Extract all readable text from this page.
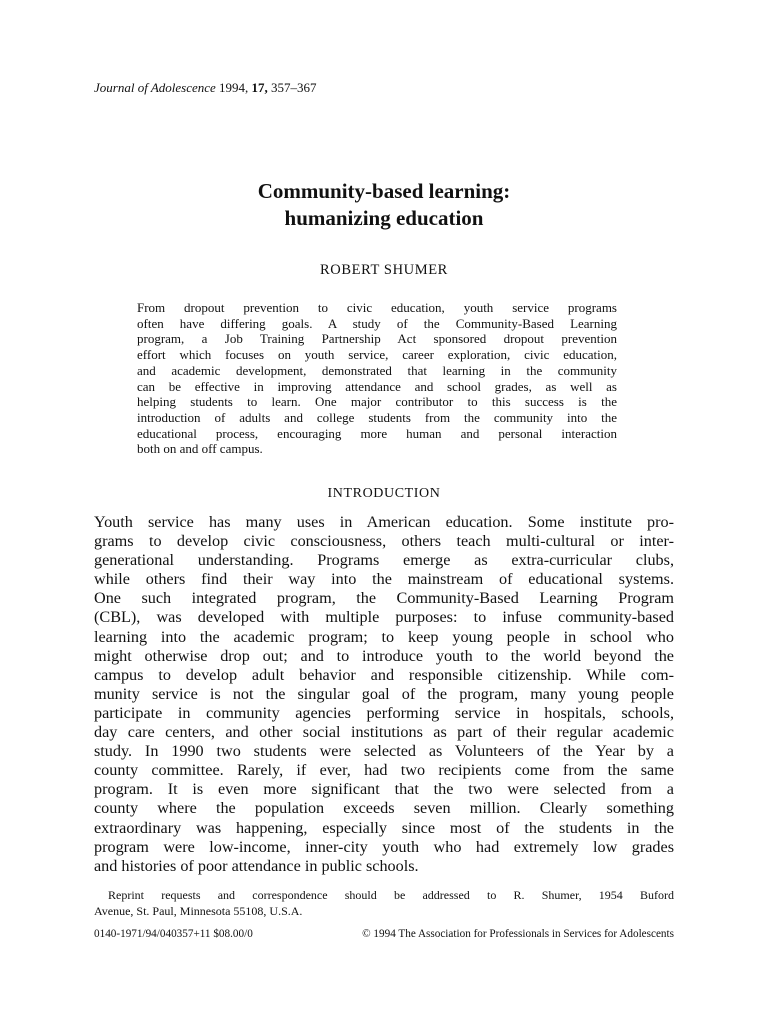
Journal of Adolescence 1994, 17, 357–367
Community-based learning:
humanizing education
ROBERT SHUMER
From dropout prevention to civic education, youth service programs
often have differing goals. A study of the Community-Based Learning
program, a Job Training Partnership Act sponsored dropout prevention
effort which focuses on youth service, career exploration, civic education,
and academic development, demonstrated that learning in the community
can be effective in improving attendance and school grades, as well as
helping students to learn. One major contributor to this success is the
introduction of adults and college students from the community into the
educational process, encouraging more human and personal interaction
both on and off campus.
INTRODUCTION
Youth service has many uses in American education. Some institute pro-
grams to develop civic consciousness, others teach multi-cultural or inter-
generational understanding. Programs emerge as extra-curricular clubs,
while others find their way into the mainstream of educational systems.
One such integrated program, the Community-Based Learning Program
(CBL), was developed with multiple purposes: to infuse community-based
learning into the academic program; to keep young people in school who
might otherwise drop out; and to introduce youth to the world beyond the
campus to develop adult behavior and responsible citizenship. While com-
munity service is not the singular goal of the program, many young people
participate in community agencies performing service in hospitals, schools,
day care centers, and other social institutions as part of their regular academic
study. In 1990 two students were selected as Volunteers of the Year by a
county committee. Rarely, if ever, had two recipients come from the same
program. It is even more significant that the two were selected from a
county where the population exceeds seven million. Clearly something
extraordinary was happening, especially since most of the students in the
program were low-income, inner-city youth who had extremely low grades
and histories of poor attendance in public schools.
Reprint requests and correspondence should be addressed to R. Shumer, 1954 Buford
Avenue, St. Paul, Minnesota 55108, U.S.A.
0140-1971/94/040357+11 $08.00/0	© 1994 The Association for Professionals in Services for Adolescents
